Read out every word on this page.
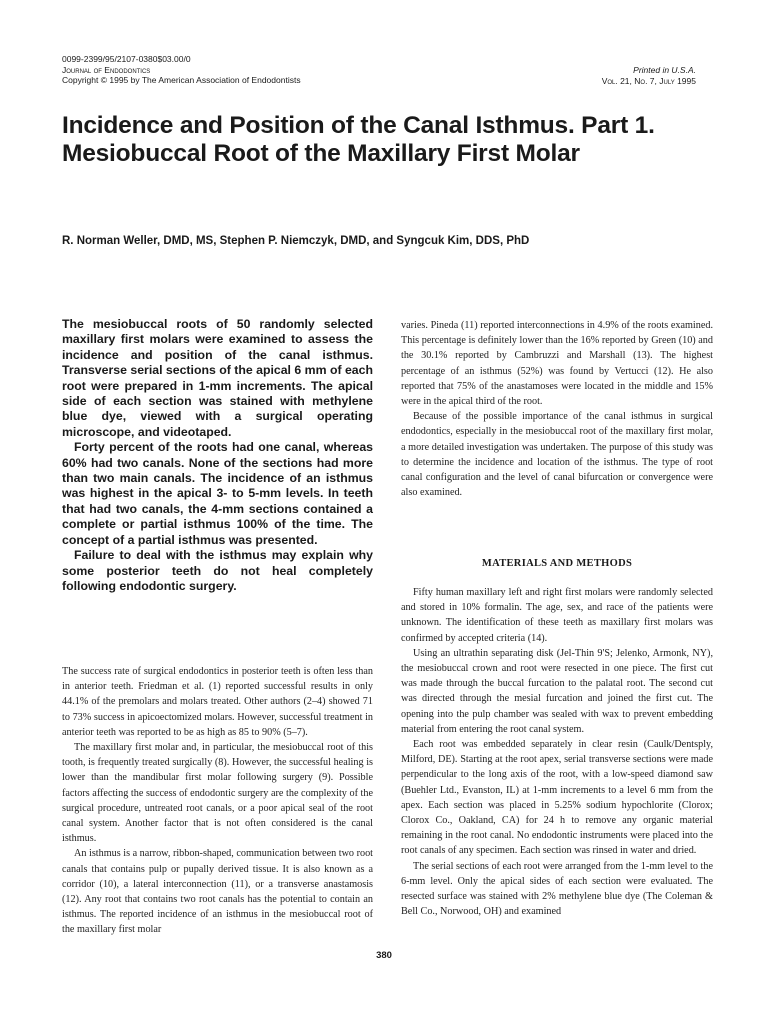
0099-2399/95/2107-0380$03.00/0
Journal of Endodontics
Copyright © 1995 by The American Association of Endodontists
Printed in U.S.A.
Vol. 21, No. 7, July 1995
Incidence and Position of the Canal Isthmus. Part 1. Mesiobuccal Root of the Maxillary First Molar
R. Norman Weller, DMD, MS, Stephen P. Niemczyk, DMD, and Syngcuk Kim, DDS, PhD

The mesiobuccal roots of 50 randomly selected maxillary first molars were examined to assess the incidence and position of the canal isthmus. Transverse serial sections of the apical 6 mm of each root were prepared in 1-mm increments. The apical side of each section was stained with methylene blue dye, viewed with a surgical operating microscope, and videotaped.

Forty percent of the roots had one canal, whereas 60% had two canals. None of the sections had more than two main canals. The incidence of an isthmus was highest in the apical 3- to 5-mm levels. In teeth that had two canals, the 4-mm sections contained a complete or partial isthmus 100% of the time. The concept of a partial isthmus was presented.

Failure to deal with the isthmus may explain why some posterior teeth do not heal completely following endodontic surgery.

The success rate of surgical endodontics in posterior teeth is often less than in anterior teeth. Friedman et al. (1) reported successful results in only 44.1% of the premolars and molars treated. Other authors (2–4) showed 71 to 73% success in apicoectomized molars. However, successful treatment in anterior teeth was reported to be as high as 85 to 90% (5–7).

The maxillary first molar and, in particular, the mesiobuccal root of this tooth, is frequently treated surgically (8). However, the successful healing is lower than the mandibular first molar following surgery (9). Possible factors affecting the success of endodontic surgery are the complexity of the surgical procedure, untreated root canals, or a poor apical seal of the root canal system. Another factor that is not often considered is the canal isthmus.

An isthmus is a narrow, ribbon-shaped, communication between two root canals that contains pulp or pupally derived tissue. It is also known as a corridor (10), a lateral interconnection (11), or a transverse anastamosis (12). Any root that contains two root canals has the potential to contain an isthmus. The reported incidence of an isthmus in the mesiobuccal root of the maxillary first molar

varies. Pineda (11) reported interconnections in 4.9% of the roots examined. This percentage is definitely lower than the 16% reported by Green (10) and the 30.1% reported by Cambruzzi and Marshall (13). The highest percentage of an isthmus (52%) was found by Vertucci (12). He also reported that 75% of the anastamoses were located in the middle and 15% were in the apical third of the root.

Because of the possible importance of the canal isthmus in surgical endodontics, especially in the mesiobuccal root of the maxillary first molar, a more detailed investigation was undertaken. The purpose of this study was to determine the incidence and location of the isthmus. The type of root canal configuration and the level of canal bifurcation or convergence were also examined.

MATERIALS AND METHODS

Fifty human maxillary left and right first molars were randomly selected and stored in 10% formalin. The age, sex, and race of the patients were unknown. The identification of these teeth as maxillary first molars was confirmed by accepted criteria (14).

Using an ultrathin separating disk (Jel-Thin 9'S; Jelenko, Armonk, NY), the mesiobuccal crown and root were resected in one piece. The first cut was made through the buccal furcation to the palatal root. The second cut was directed through the mesial furcation and joined the first cut. The opening into the pulp chamber was sealed with wax to prevent embedding material from entering the root canal system.

Each root was embedded separately in clear resin (Caulk/Dentsply, Milford, DE). Starting at the root apex, serial transverse sections were made perpendicular to the long axis of the root, with a low-speed diamond saw (Buehler Ltd., Evanston, IL) at 1-mm increments to a level 6 mm from the apex. Each section was placed in 5.25% sodium hypochlorite (Clorox; Clorox Co., Oakland, CA) for 24 h to remove any organic material remaining in the root canal. No endodontic instruments were placed into the root canals of any specimen. Each section was rinsed in water and dried.

The serial sections of each root were arranged from the 1-mm level to the 6-mm level. Only the apical sides of each section were evaluated. The resected surface was stained with 2% methylene blue dye (The Coleman & Bell Co., Norwood, OH) and examined

380
